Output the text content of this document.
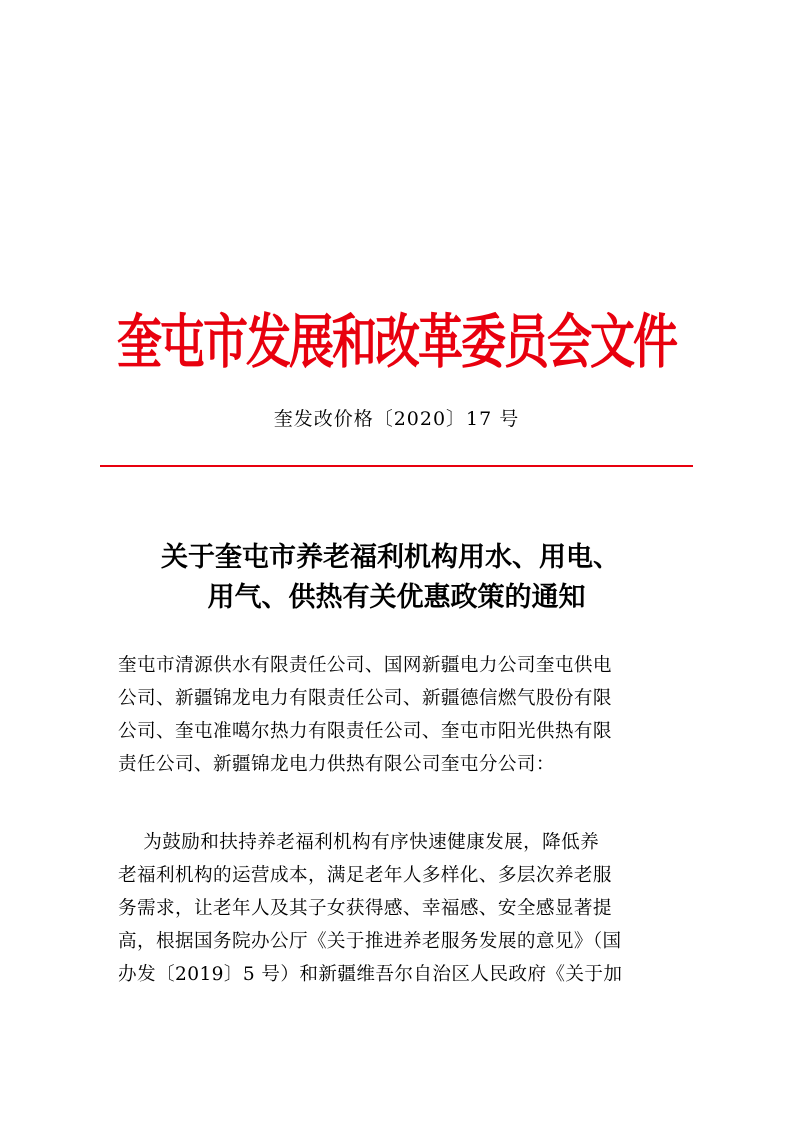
奎屯市发展和改革委员会文件
奎发改价格〔2020〕17 号
关于奎屯市养老福利机构用水、用电、
用气、供热有关优惠政策的通知
奎屯市清源供水有限责任公司、国网新疆电力公司奎屯供电
公司、新疆锦龙电力有限责任公司、新疆德信燃气股份有限
公司、奎屯准噶尔热力有限责任公司、奎屯市阳光供热有限
责任公司、新疆锦龙电力供热有限公司奎屯分公司：
为鼓励和扶持养老福利机构有序快速健康发展，降低养
老福利机构的运营成本，满足老年人多样化、多层次养老服
务需求，让老年人及其子女获得感、幸福感、安全感显著提
高，根据国务院办公厅《关于推进养老服务发展的意见》（国
办发〔2019〕5 号）和新疆维吾尔自治区人民政府《关于加
